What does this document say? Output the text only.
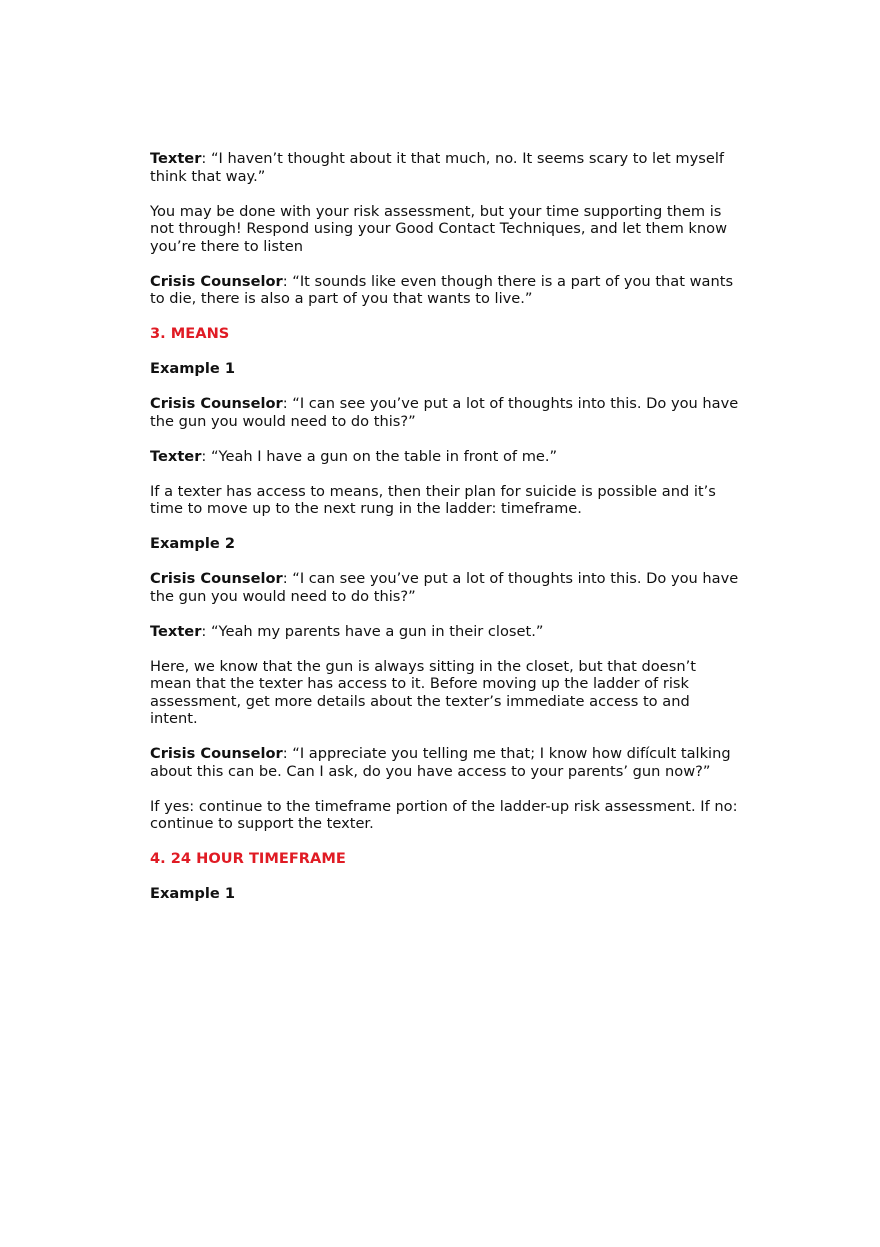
Texter: “I haven’t thought about it that much, no. It seems scary to let myself think that way.”

You may be done with your risk assessment, but your time supporting them is not through! Respond using your Good Contact Techniques, and let them know you’re there to listen

Crisis Counselor: “It sounds like even though there is a part of you that wants to die, there is also a part of you that wants to live.”

3. MEANS

Example 1

Crisis Counselor: “I can see you’ve put a lot of thoughts into this. Do you have the gun you would need to do this?”

Texter: “Yeah I have a gun on the table in front of me.”

If a texter has access to means, then their plan for suicide is possible and it’s time to move up to the next rung in the ladder: timeframe.

Example 2

Crisis Counselor: “I can see you’ve put a lot of thoughts into this. Do you have the gun you would need to do this?”

Texter: “Yeah my parents have a gun in their closet.”

Here, we know that the gun is always sitting in the closet, but that doesn’t mean that the texter has access to it. Before moving up the ladder of risk assessment, get more details about the texter’s immediate access to and intent.

Crisis Counselor: “I appreciate you telling me that; I know how difícult talking about this can be. Can I ask, do you have access to your parents’ gun now?”

If yes: continue to the timeframe portion of the ladder-up risk assessment. If no: continue to support the texter.

4. 24 HOUR TIMEFRAME

Example 1
